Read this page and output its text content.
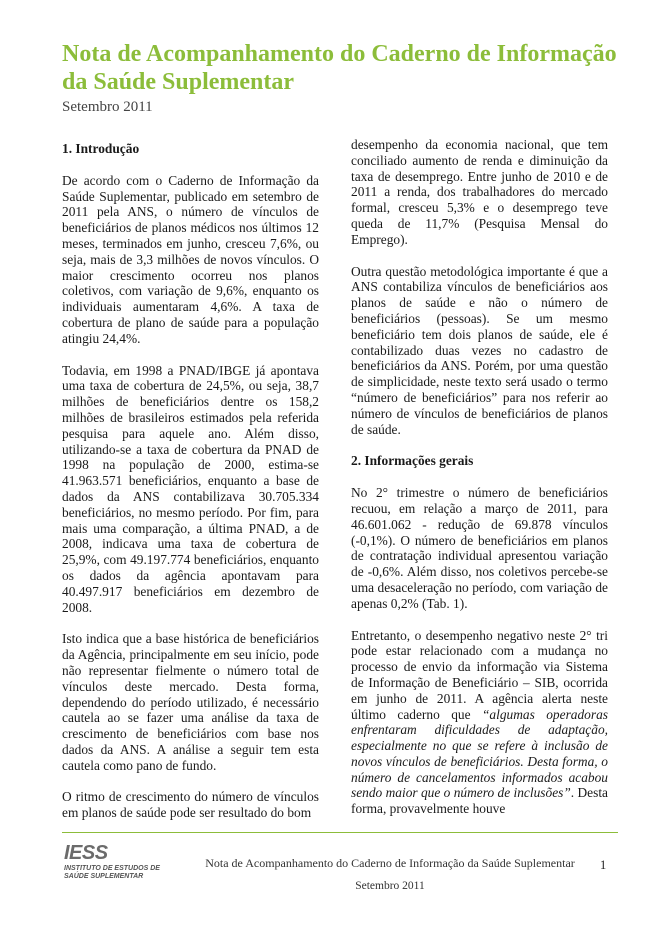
Nota de Acompanhamento do Caderno de Informação da Saúde Suplementar

Setembro 2011

1. Introdução

De acordo com o Caderno de Informação da Saúde Suplementar, publicado em setembro de 2011 pela ANS, o número de vínculos de beneficiários de planos médicos nos últimos 12 meses, terminados em junho, cresceu 7,6%, ou seja, mais de 3,3 milhões de novos vínculos. O maior crescimento ocorreu nos planos coletivos, com variação de 9,6%, enquanto os individuais aumentaram 4,6%. A taxa de cobertura de plano de saúde para a população atingiu 24,4%.

Todavia, em 1998 a PNAD/IBGE já apontava uma taxa de cobertura de 24,5%, ou seja, 38,7 milhões de beneficiários dentre os 158,2 milhões de brasileiros estimados pela referida pesquisa para aquele ano. Além disso, utilizando-se a taxa de cobertura da PNAD de 1998 na população de 2000, estima-se 41.963.571 beneficiários, enquanto a base de dados da ANS contabilizava 30.705.334 beneficiários, no mesmo período. Por fim, para mais uma comparação, a última PNAD, a de 2008, indicava uma taxa de cobertura de 25,9%, com 49.197.774 beneficiários, enquanto os dados da agência apontavam para 40.497.917 beneficiários em dezembro de 2008.

Isto indica que a base histórica de beneficiários da Agência, principalmente em seu início, pode não representar fielmente o número total de vínculos deste mercado. Desta forma, dependendo do período utilizado, é necessário cautela ao se fazer uma análise da taxa de crescimento de beneficiários com base nos dados da ANS. A análise a seguir tem esta cautela como pano de fundo.

O ritmo de crescimento do número de vínculos em planos de saúde pode ser resultado do bom

desempenho da economia nacional, que tem conciliado aumento de renda e diminuição da taxa de desemprego. Entre junho de 2010 e de 2011 a renda, dos trabalhadores do mercado formal, cresceu 5,3% e o desemprego teve queda de 11,7% (Pesquisa Mensal do Emprego).

Outra questão metodológica importante é que a ANS contabiliza vínculos de beneficiários aos planos de saúde e não o número de beneficiários (pessoas). Se um mesmo beneficiário tem dois planos de saúde, ele é contabilizado duas vezes no cadastro de beneficiários da ANS. Porém, por uma questão de simplicidade, neste texto será usado o termo “número de beneficiários” para nos referir ao número de vínculos de beneficiários de planos de saúde.

2. Informações gerais

No 2° trimestre o número de beneficiários recuou, em relação a março de 2011, para 46.601.062 - redução de 69.878 vínculos (-0,1%). O número de beneficiários em planos de contratação individual apresentou variação de -0,6%. Além disso, nos coletivos percebe-se uma desaceleração no período, com variação de apenas 0,2% (Tab. 1).

Entretanto, o desempenho negativo neste 2° tri pode estar relacionado com a mudança no processo de envio da informação via Sistema de Informação de Beneficiário – SIB, ocorrida em junho de 2011. A agência alerta neste último caderno que “algumas operadoras enfrentaram dificuldades de adaptação, especialmente no que se refere à inclusão de novos vínculos de beneficiários. Desta forma, o número de cancelamentos informados acabou sendo maior que o número de inclusões”. Desta forma, provavelmente houve

IESS
INSTITUTO DE ESTUDOS DE SAÚDE SUPLEMENTAR
Nota de Acompanhamento do Caderno de Informação da Saúde Suplementar
Setembro 2011
1
